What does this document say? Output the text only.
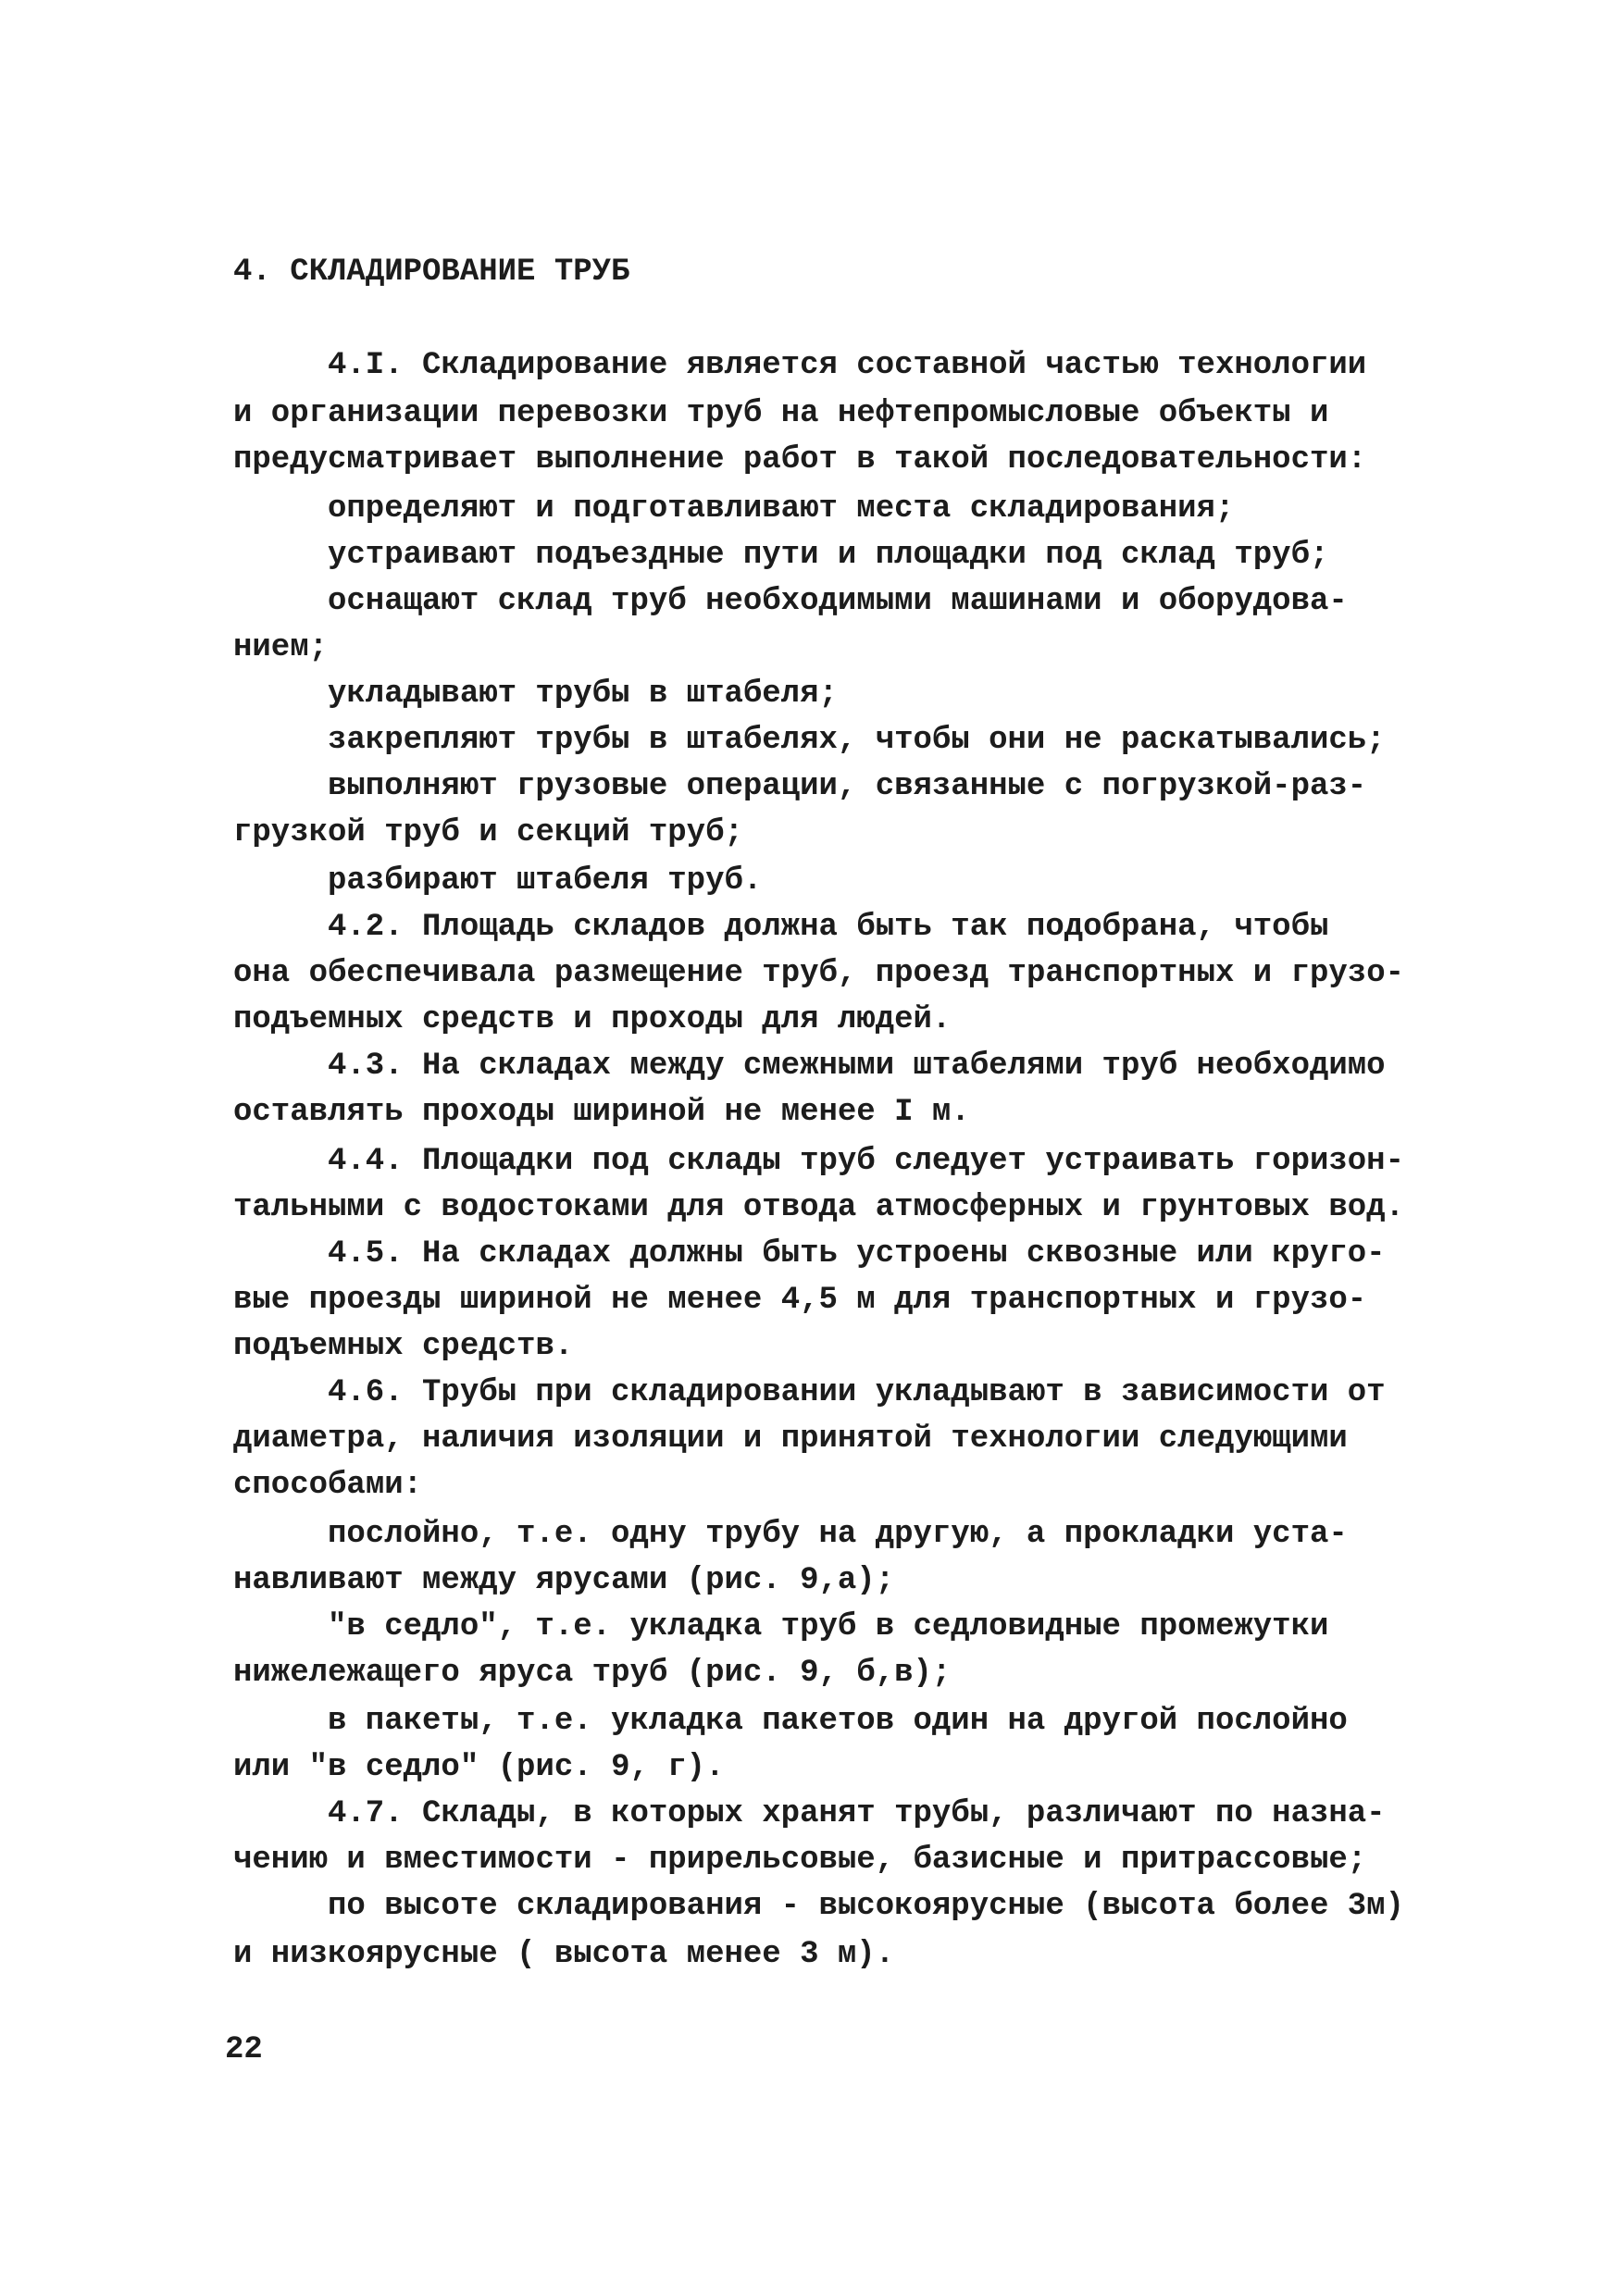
4. СКЛАДИРОВАНИЕ ТРУБ
4.I. Складирование является составной частью технологии
и организации перевозки труб на нефтепромысловые объекты и
предусматривает выполнение работ в такой последовательности:
определяют и подготавливают места складирования;
устраивают подъездные пути и площадки под склад труб;
оснащают склад труб необходимыми машинами и оборудова-
нием;
укладывают трубы в штабеля;
закрепляют трубы в штабелях, чтобы они не раскатывались;
выполняют грузовые операции, связанные с погрузкой-раз-
грузкой труб и секций труб;
разбирают штабеля труб.
4.2. Площадь складов должна быть так подобрана, чтобы
она обеспечивала размещение труб, проезд транспортных и грузо-
подъемных средств и проходы для людей.
4.3. На складах между смежными штабелями труб необходимо
оставлять проходы шириной не менее I м.
4.4. Площадки под склады труб следует устраивать горизон-
тальными с водостоками для отвода атмосферных и грунтовых вод.
4.5. На складах должны быть устроены сквозные или круго-
вые проезды шириной не менее 4,5 м для транспортных и грузо-
подъемных средств.
4.6. Трубы при складировании укладывают в зависимости от
диаметра, наличия изоляции и принятой технологии следующими
способами:
послойно, т.е. одну трубу на другую, а прокладки уста-
навливают между ярусами (рис. 9,а);
"в седло", т.е. укладка труб в седловидные промежутки
нижележащего яруса труб (рис. 9, б,в);
в пакеты, т.е. укладка пакетов один на другой послойно
или "в седло" (рис. 9, г).
4.7. Склады, в которых хранят трубы, различают по назна-
чению и вместимости - прирельсовые, базисные и притрассовые;
по высоте складирования - высокоярусные (высота более 3м)
и низкоярусные ( высота менее 3 м).
22
